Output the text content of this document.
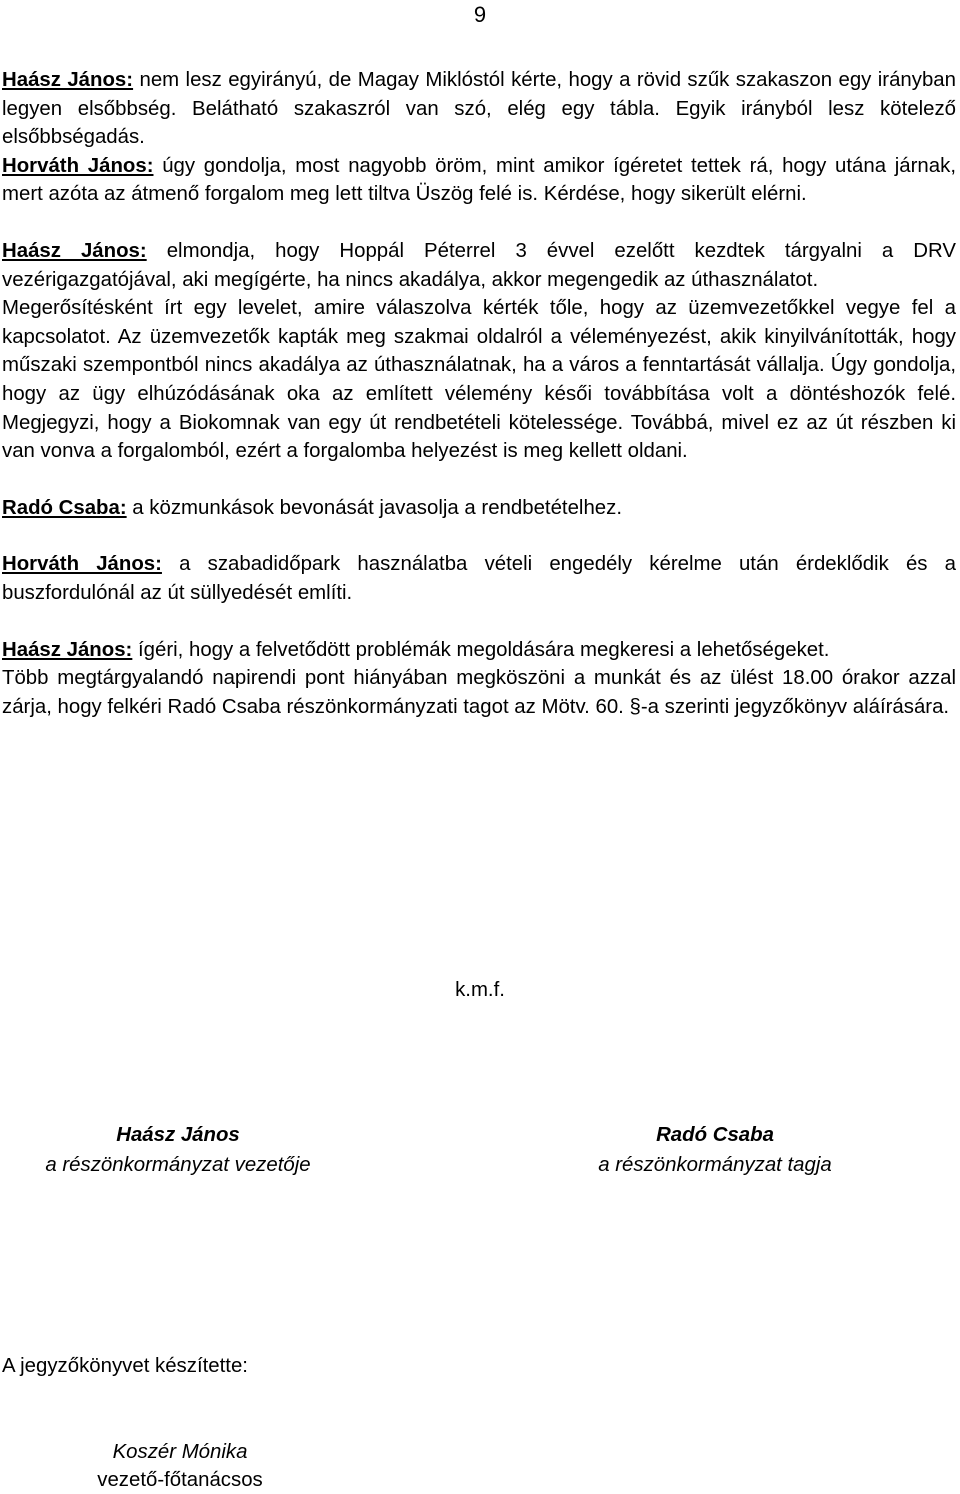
9

Haász János: nem lesz egyirányú, de Magay Miklóstól kérte, hogy a rövid szűk szakaszon egy irányban legyen elsőbbség. Belátható szakaszról van szó, elég egy tábla. Egyik irányból lesz kötelező elsőbbségadás.

Horváth János: úgy gondolja, most nagyobb öröm, mint amikor ígéretet tettek rá, hogy utána járnak, mert azóta az átmenő forgalom meg lett tiltva Üszög felé is. Kérdése, hogy sikerült elérni.

Haász János: elmondja, hogy Hoppál Péterrel 3 évvel ezelőtt kezdtek tárgyalni a DRV vezérigazgatójával, aki megígérte, ha nincs akadálya, akkor megengedik az úthasználatot.

Megerősítésként írt egy levelet, amire válaszolva kérték tőle, hogy az üzemvezetőkkel vegye fel a kapcsolatot. Az üzemvezetők kapták meg szakmai oldalról a véleményezést, akik kinyilvánították, hogy műszaki szempontból nincs akadálya az úthasználatnak, ha a város a fenntartását vállalja. Úgy gondolja, hogy az ügy elhúzódásának oka az említett vélemény késői továbbítása volt a döntéshozók felé. Megjegyzi, hogy a Biokomnak van egy út rendbetételi kötelessége. Továbbá, mivel ez az út részben ki van vonva a forgalomból, ezért a forgalomba helyezést is meg kellett oldani.

Radó Csaba: a közmunkások bevonását javasolja a rendbetételhez.

Horváth János: a szabadidőpark használatba vételi engedély kérelme után érdeklődik és a buszfordulónál az út süllyedését említi.

Haász János: ígéri, hogy a felvetődött problémák megoldására megkeresi a lehetőségeket.

Több megtárgyalandó napirendi pont hiányában megköszöni a munkát és az ülést 18.00 órakor azzal zárja, hogy felkéri Radó Csaba részönkormányzati tagot az Mötv. 60. §-a szerinti jegyzőkönyv aláírására.

k.m.f.
Haász János
a részönkormányzat vezetője
Radó Csaba
a részönkormányzat tagja
A jegyzőkönyvet készítette:
Koszér Mónika
vezető-főtanácsos
